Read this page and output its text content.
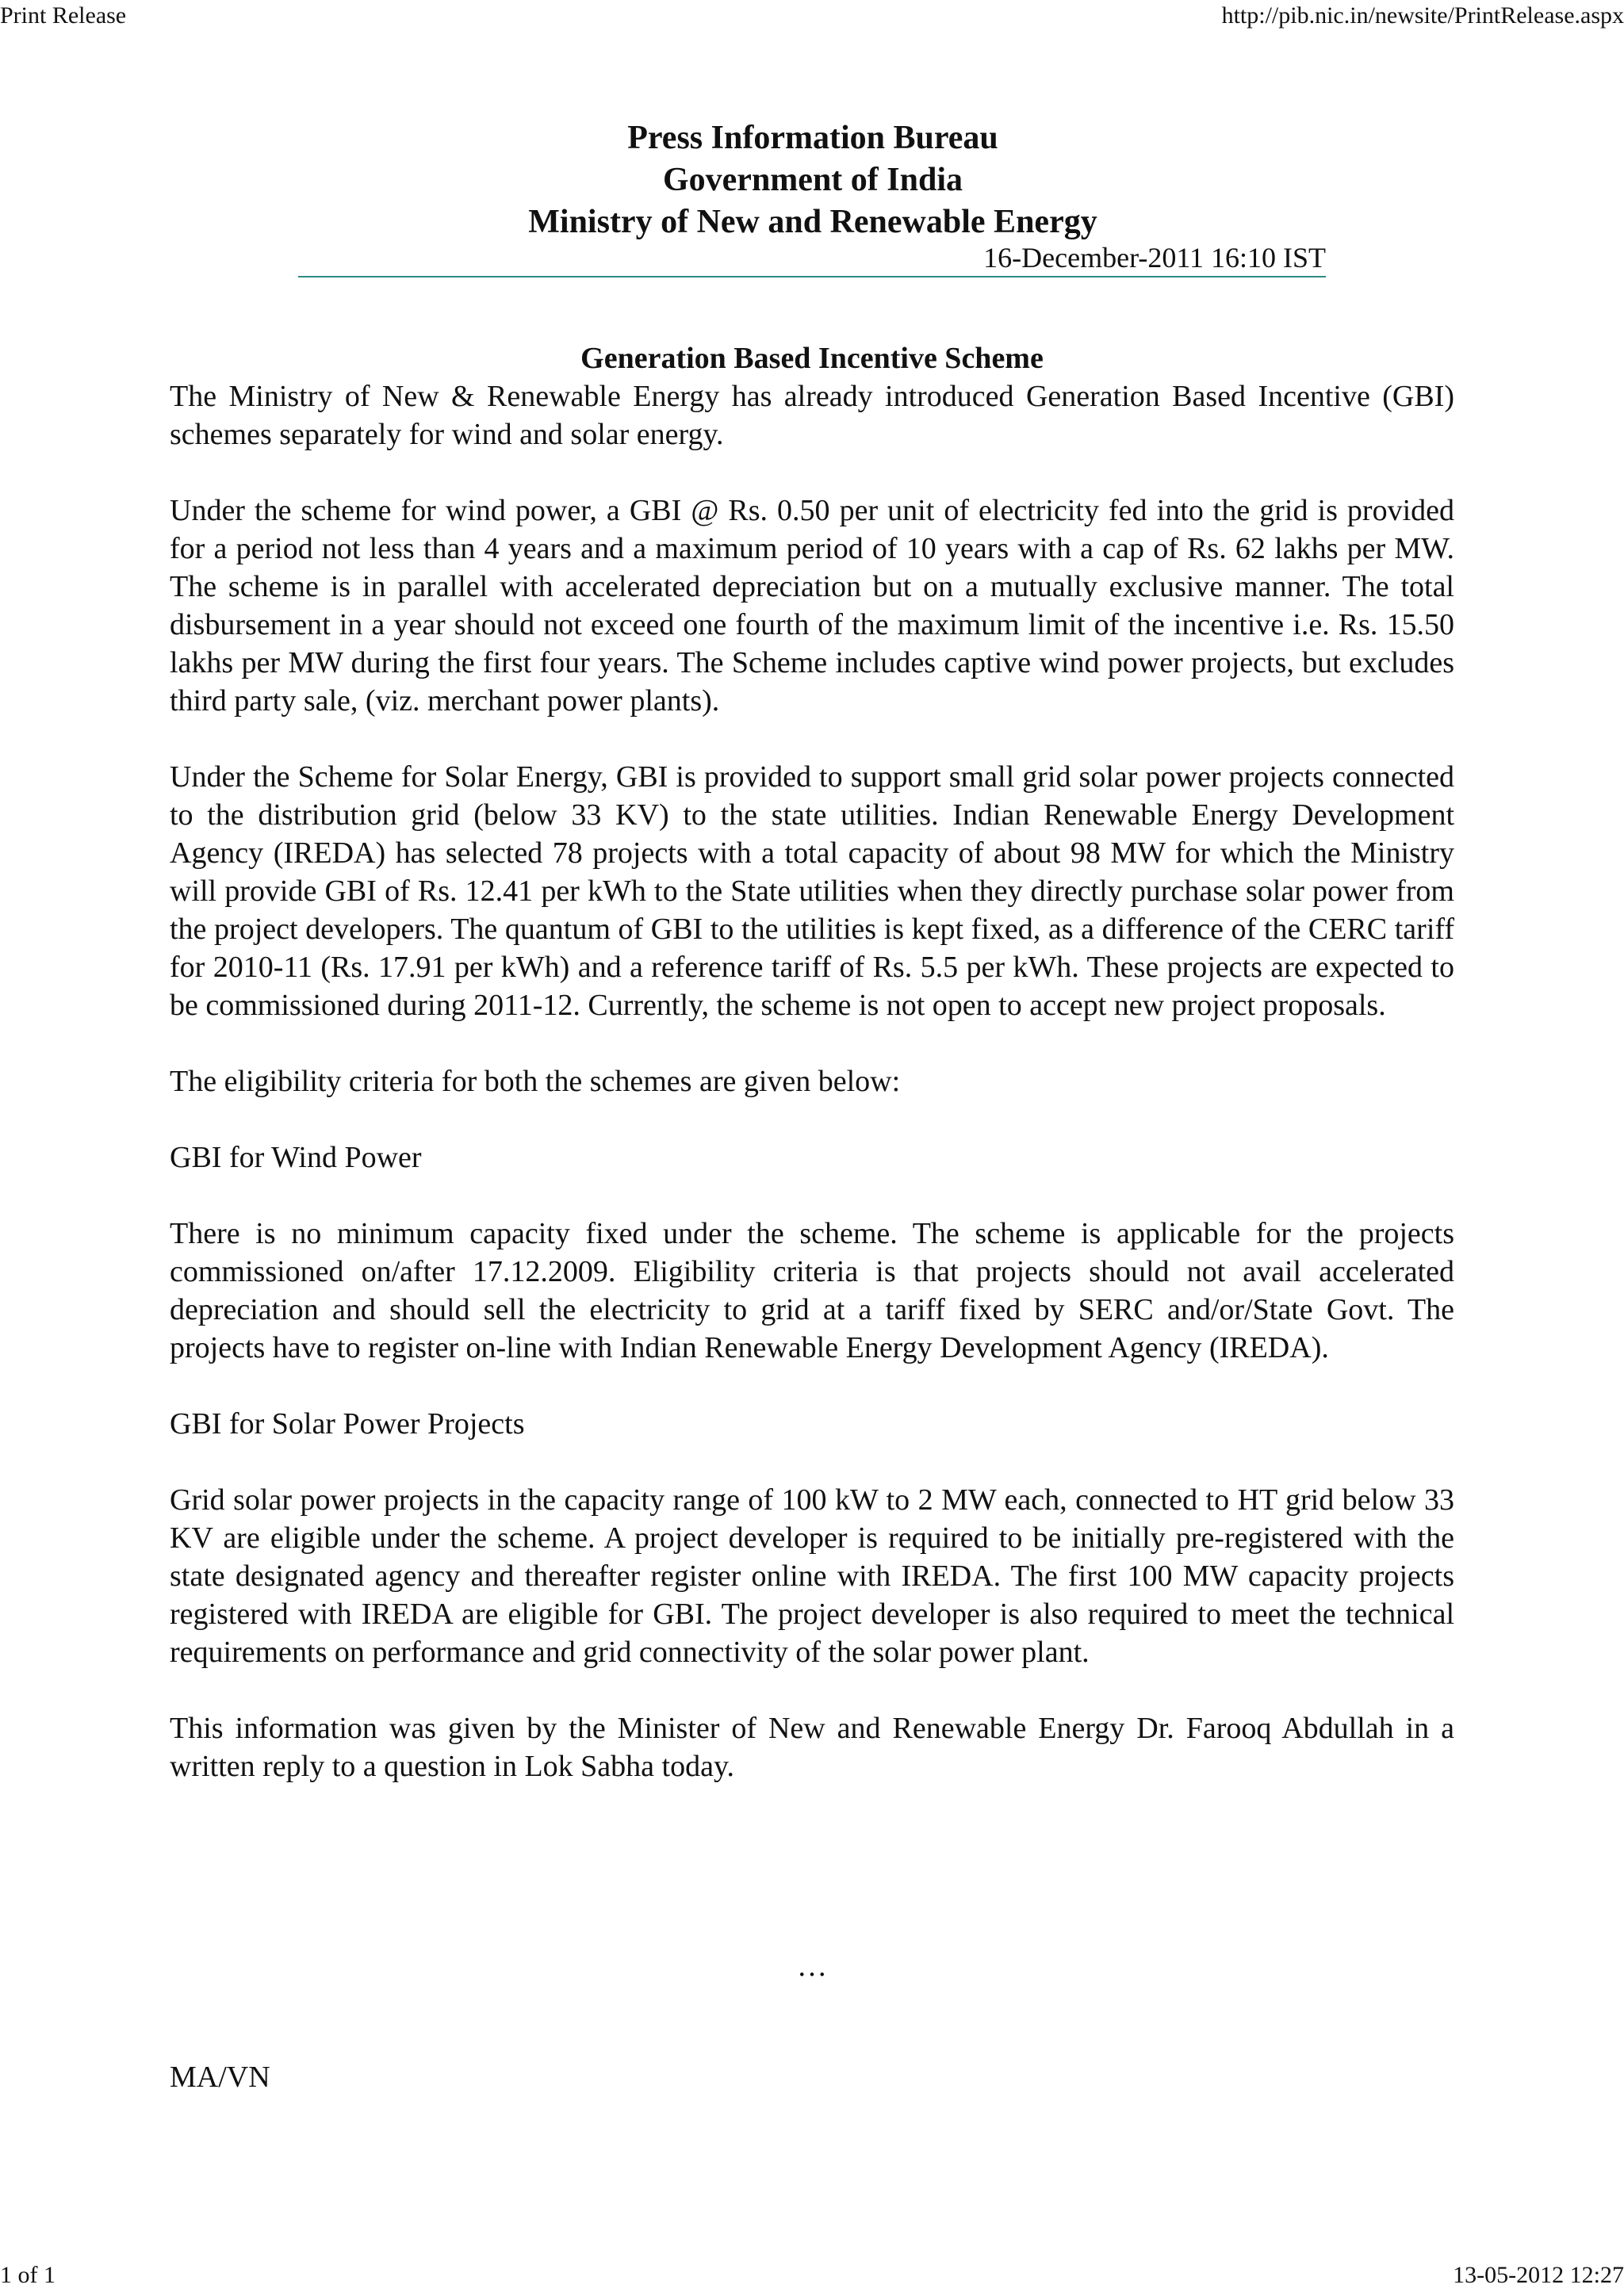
Print Release	http://pib.nic.in/newsite/PrintRelease.aspx
Press Information Bureau
Government of India
Ministry of New and Renewable Energy
16-December-2011 16:10 IST
Generation Based Incentive Scheme

The Ministry of New & Renewable Energy has already introduced Generation Based Incentive (GBI) schemes separately for wind and solar energy.

Under the scheme for wind power, a GBI @ Rs. 0.50 per unit of electricity fed into the grid is provided for a period not less than 4 years and a maximum period of 10 years with a cap of Rs. 62 lakhs per MW. The scheme is in parallel with accelerated depreciation but on a mutually exclusive manner. The total disbursement in a year should not exceed one fourth of the maximum limit of the incentive i.e. Rs. 15.50 lakhs per MW during the first four years. The Scheme includes captive wind power projects, but excludes third party sale, (viz. merchant power plants).

Under the Scheme for Solar Energy, GBI is provided to support small grid solar power projects connected to the distribution grid (below 33 KV) to the state utilities. Indian Renewable Energy Development Agency (IREDA) has selected 78 projects with a total capacity of about 98 MW for which the Ministry will provide GBI of Rs. 12.41 per kWh to the State utilities when they directly purchase solar power from the project developers. The quantum of GBI to the utilities is kept fixed, as a difference of the CERC tariff for 2010-11 (Rs. 17.91 per kWh) and a reference tariff of Rs. 5.5 per kWh. These projects are expected to be commissioned during 2011-12. Currently, the scheme is not open to accept new project proposals.

The eligibility criteria for both the schemes are given below:

GBI for Wind Power

There is no minimum capacity fixed under the scheme. The scheme is applicable for the projects commissioned on/after 17.12.2009. Eligibility criteria is that projects should not avail accelerated depreciation and should sell the electricity to grid at a tariff fixed by SERC and/or/State Govt. The projects have to register on-line with Indian Renewable Energy Development Agency (IREDA).

GBI for Solar Power Projects

Grid solar power projects in the capacity range of 100 kW to 2 MW each, connected to HT grid below 33 KV are eligible under the scheme. A project developer is required to be initially pre-registered with the state designated agency and thereafter register online with IREDA. The first 100 MW capacity projects registered with IREDA are eligible for GBI. The project developer is also required to meet the technical requirements on performance and grid connectivity of the solar power plant.

This information was given by the Minister of New and Renewable Energy Dr. Farooq Abdullah in a written reply to a question in Lok Sabha today.

…
MA/VN
1 of 1	13-05-2012 12:27
